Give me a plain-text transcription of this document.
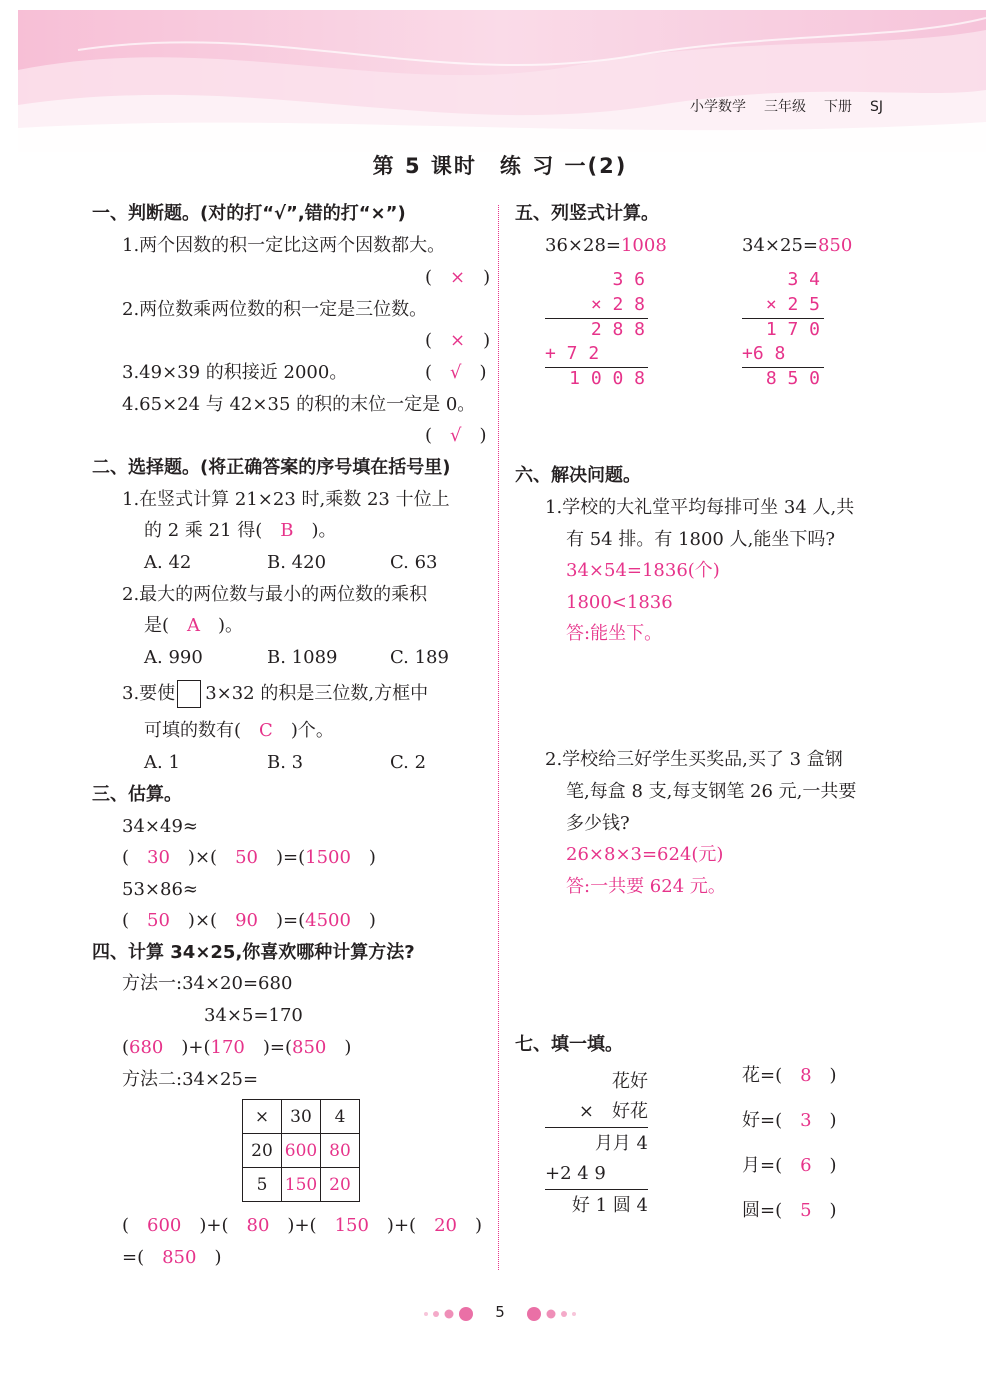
小学数学 三年级 下册 SJ
第 5 课时　练 习 一(2)
一、判断题。(对的打“√”,错的打“×”)
1.两个因数的积一定比这两个因数都大。
(　×　)
2.两位数乘两位数的积一定是三位数。
(　×　)
3.49×39 的积接近 2000。	(　√　)
4.65×24 与 42×35 的积的末位一定是 0。
(　√　)
二、选择题。(将正确答案的序号填在括号里)
1.在竖式计算 21×23 时,乘数 23 十位上
的 2 乘 21 得(　 B　 )。
A. 42	B. 420	C. 63
2.最大的两位数与最小的两位数的乘积
是(　 A　 )。
A. 990	B. 1089	C. 189
3.要使 3×32 的积是三位数,方框中
可填的数有(　 C　 )个。
A. 1	B. 3	C. 2
三、估算。
34×49≈
(　30　)×(　50　)=(1500　)
53×86≈
(　50　)×(　90　)=(4500　)
四、计算 34×25,你喜欢哪种计算方法?
方法一:34×20=680
34×5=170
(680　)+(170　)=(850　)
方法二:34×25=
×	30	4
20	600	80
5	150	20
(　600　)+(　80　)+(　150　)+(　20　)
=(　850　)
五、列竖式计算。
36×28=1008	34×25=850
3 6
× 2 8
2 8 8
+ 7 2
1 0 0 8
3 4
× 2 5
1 7 0
+6 8
8 5 0
六、解决问题。
1.学校的大礼堂平均每排可坐 34 人,共
有 54 排。有 1800 人,能坐下吗?
34×54=1836(个)
1800<1836
答:能坐下。
2.学校给三好学生买奖品,买了 3 盒钢
笔,每盒 8 支,每支钢笔 26 元,一共要
多少钱?
26×8×3=624(元)
答:一共要 624 元。
七、填一填。
花好
×　好花
月月 4
+2 4 9
好 1 圆 4
花=(　 8　)
好=(　 3　)
月=(　 6　)
圆=(　 5　)
5
